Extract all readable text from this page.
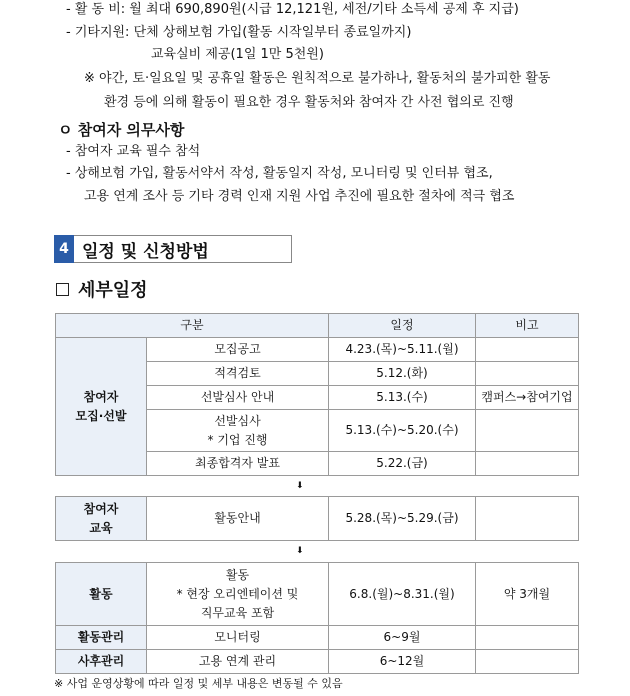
- 활 동 비: 월 최대 690,890원(시급 12,121원, 세전/기타 소득세 공제 후 지급)
- 기타지원: 단체 상해보험 가입(활동 시작일부터 종료일까지)
교육실비 제공(1일 1만 5천원)
※ 야간, 토·일요일 및 공휴일 활동은 원칙적으로 불가하나, 활동처의 불가피한 활동
환경 등에 의해 활동이 필요한 경우 활동처와 참여자 간 사전 협의로 진행
ㅇ 참여자 의무사항
- 참여자 교육 필수 참석
- 상해보험 가입, 활동서약서 작성, 활동일지 작성, 모니터링 및 인터뷰 협조,
고용 연계 조사 등 기타 경력 인재 지원 사업 추진에 필요한 절차에 적극 협조
4 일정 및 신청방법
세부일정
구분		일정	비고

참여자
모집·선발	모집공고	4.23.(목)~5.11.(월)	
	적격검토	5.12.(화)	
	선발심사 안내	5.13.(수)	캠퍼스→참여기업

	선발심사
* 기업 진행	5.13.(수)~5.20.(수)	
	최종합격자 발표	5.22.(금)	
⬇
참여자
교육
	활동안내	5.28.(목)~5.29.(금)	
⬇
활동	활동
* 현장 오리엔테이션 및
직무교육 포함	6.8.(월)~8.31.(월)	약 3개월
활동관리	모니터링	6~9월	
사후관리	고용 연계 관리	6~12월	
※ 사업 운영상황에 따라 일정 및 세부 내용은 변동될 수 있음
